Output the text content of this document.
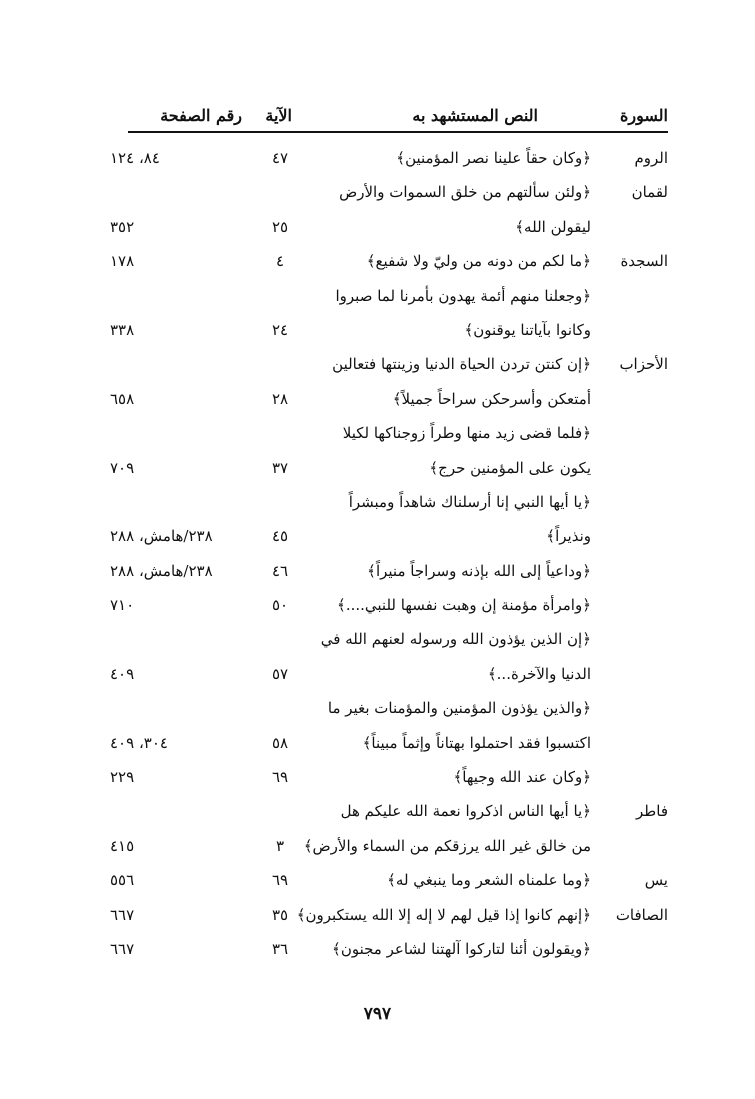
السورة
النص المستشهد به
الآية
رقم الصفحة
الروم
﴿وكان حقاً علينا نصر المؤمنين﴾
٤٧
٨٤، ١٢٤
لقمان
﴿ولئن سألتهم من خلق السموات والأرض
ليقولن الله﴾
٢٥
٣٥٢
السجدة
﴿ما لكم من دونه من وليّ ولا شفيع﴾
٤
١٧٨
﴿وجعلنا منهم أئمة يهدون بأمرنا لما صبروا
وكانوا بآياتنا يوقنون﴾
٢٤
٣٣٨
الأحزاب
﴿إن كنتن تردن الحياة الدنيا وزينتها فتعالين
أمتعكن وأسرحكن سراحاً جميلاً﴾
٢٨
٦٥٨
﴿فلما قضى زيد منها وطراً زوجناكها لكيلا
يكون على المؤمنين حرج﴾
٣٧
٧٠٩
﴿يا أيها النبي إنا أرسلناك شاهداً ومبشراً
ونذيراً﴾
٤٥
٢٣٨/هامش، ٢٨٨
﴿وداعياً إلى الله بإذنه وسراجاً منيراً﴾
٤٦
٢٣٨/هامش، ٢٨٨
﴿وامرأة مؤمنة إن وهبت نفسها للنبي....﴾
٥٠
٧١٠
﴿إن الذين يؤذون الله ورسوله لعنهم الله في
الدنيا والآخرة...﴾
٥٧
٤٠٩
﴿والذين يؤذون المؤمنين والمؤمنات بغير ما
اكتسبوا فقد احتملوا بهتاناً وإثماً مبيناً﴾
٥٨
٣٠٤، ٤٠٩
﴿وكان عند الله وجيهاً﴾
٦٩
٢٢٩
فاطر
﴿يا أيها الناس اذكروا نعمة الله عليكم هل
من خالق غير الله يرزقكم من السماء والأرض﴾
٣
٤١٥
يس
﴿وما علمناه الشعر وما ينبغي له﴾
٦٩
٥٥٦
الصافات
﴿إنهم كانوا إذا قيل لهم لا إله إلا الله يستكبرون﴾
٣٥
٦٦٧
﴿ويقولون أئنا لتاركوا آلهتنا لشاعر مجنون﴾
٣٦
٦٦٧
٧٩٧
